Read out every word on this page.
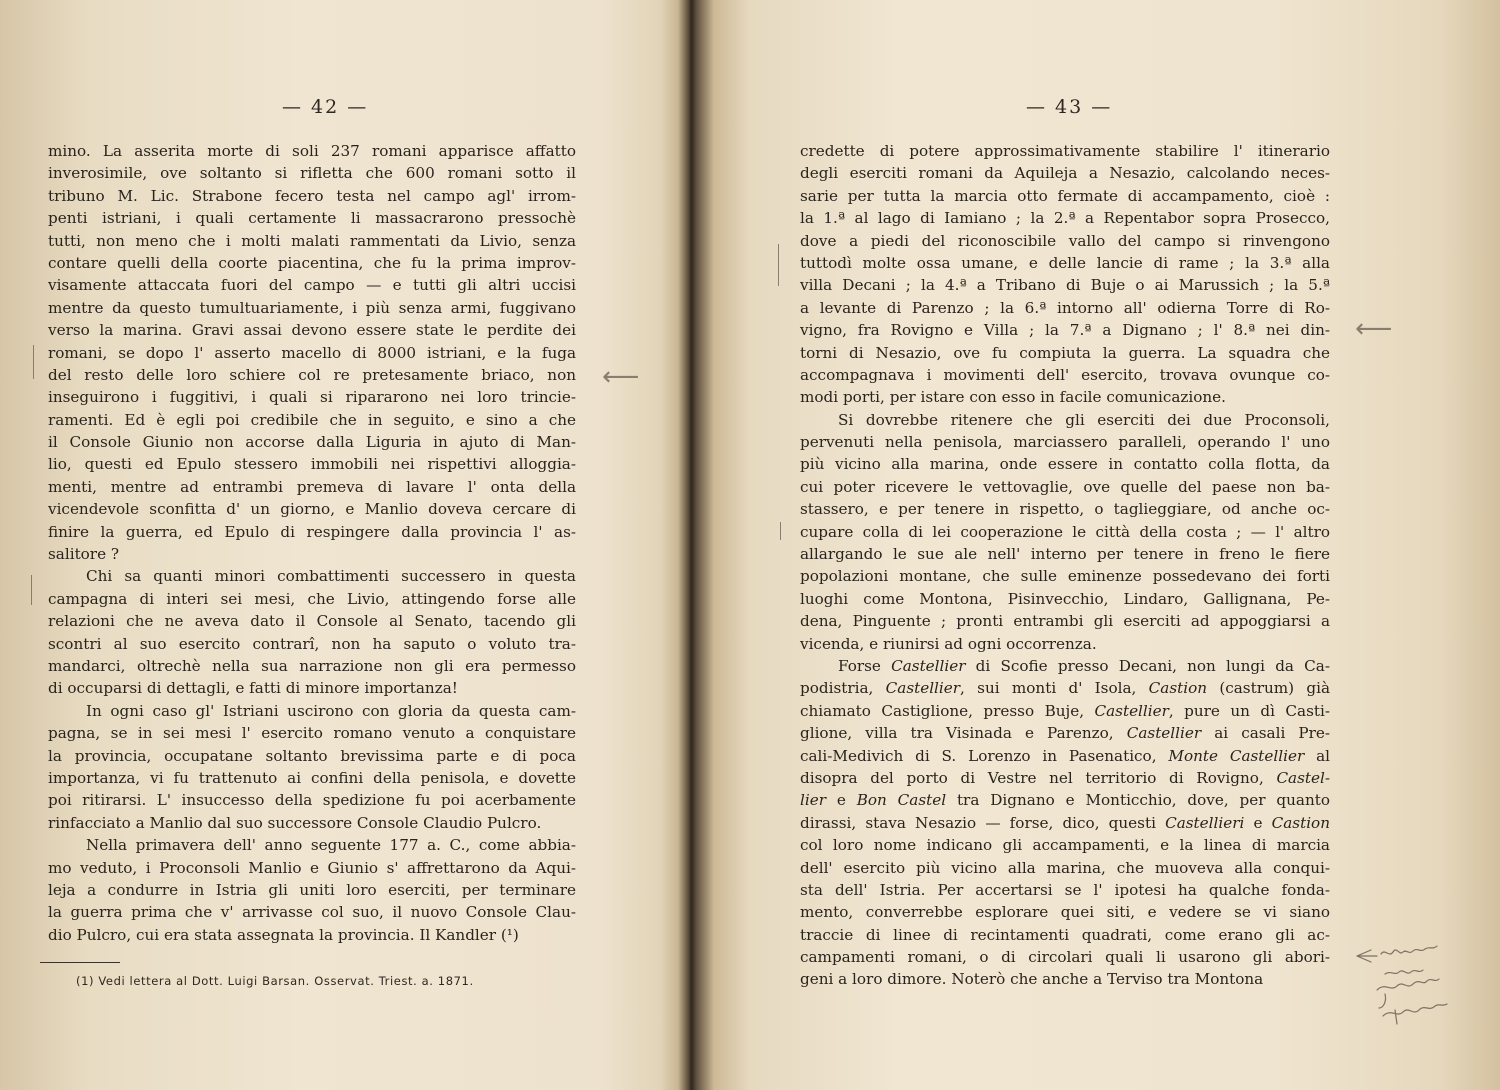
— 42 —
mino. La asserita morte di soli 237 romani apparisce affatto
inverosimile, ove soltanto si rifletta che 600 romani sotto il
tribuno M. Lic. Strabone fecero testa nel campo agl' irrom-
penti istriani, i quali certamente li massacrarono pressochè
tutti, non meno che i molti malati rammentati da Livio, senza
contare quelli della coorte piacentina, che fu la prima improv-
visamente attaccata fuori del campo — e tutti gli altri uccisi
mentre da questo tumultuariamente, i più senza armi, fuggivano
verso la marina. Gravi assai devono essere state le perdite dei
romani, se dopo l' asserto macello di 8000 istriani, e la fuga
del resto delle loro schiere col re pretesamente briaco, non
inseguirono i fuggitivi, i quali si ripararono nei loro trincie-
ramenti. Ed è egli poi credibile che in seguito, e sino a che
il Console Giunio non accorse dalla Liguria in ajuto di Man-
lio, questi ed Epulo stessero immobili nei rispettivi alloggia-
menti, mentre ad entrambi premeva di lavare l' onta della
vicendevole sconfitta d' un giorno, e Manlio doveva cercare di
finire la guerra, ed Epulo di respingere dalla provincia l' as-
salitore ?
Chi sa quanti minori combattimenti successero in questa
campagna di interi sei mesi, che Livio, attingendo forse alle
relazioni che ne aveva dato il Console al Senato, tacendo gli
scontri al suo esercito contrarî, non ha saputo o voluto tra-
mandarci, oltrechè nella sua narrazione non gli era permesso
di occuparsi di dettagli, e fatti di minore importanza!
In ogni caso gl' Istriani uscirono con gloria da questa cam-
pagna, se in sei mesi l' esercito romano venuto a conquistare
la provincia, occupatane soltanto brevissima parte e di poca
importanza, vi fu trattenuto ai confini della penisola, e dovette
poi ritirarsi. L' insuccesso della spedizione fu poi acerbamente
rinfacciato a Manlio dal suo successore Console Claudio Pulcro.
Nella primavera dell' anno seguente 177 a. C., come abbia-
mo veduto, i Proconsoli Manlio e Giunio s' affrettarono da Aqui-
leja a condurre in Istria gli uniti loro eserciti, per terminare
la guerra prima che v' arrivasse col suo, il nuovo Console Clau-
dio Pulcro, cui era stata assegnata la provincia. Il Kandler (¹)
(1) Vedi lettera al Dott. Luigi Barsan. Osservat. Triest. a. 1871.
— 43 —
credette di potere approssimativamente stabilire l' itinerario
degli eserciti romani da Aquileja a Nesazio, calcolando neces-
sarie per tutta la marcia otto fermate di accampamento, cioè :
la 1.ª al lago di Iamiano ; la 2.ª a Repentabor sopra Prosecco,
dove a piedi del riconoscibile vallo del campo si rinvengono
tuttodì molte ossa umane, e delle lancie di rame ; la 3.ª alla
villa Decani ; la 4.ª a Tribano di Buje o ai Marussich ; la 5.ª
a levante di Parenzo ; la 6.ª intorno all' odierna Torre di Ro-
vigno, fra Rovigno e Villa ; la 7.ª a Dignano ; l' 8.ª nei din-
torni di Nesazio, ove fu compiuta la guerra. La squadra che
accompagnava i movimenti dell' esercito, trovava ovunque co-
modi porti, per istare con esso in facile comunicazione.
Si dovrebbe ritenere che gli eserciti dei due Proconsoli,
pervenuti nella penisola, marciassero paralleli, operando l' uno
più vicino alla marina, onde essere in contatto colla flotta, da
cui poter ricevere le vettovaglie, ove quelle del paese non ba-
stassero, e per tenere in rispetto, o taglieggiare, od anche oc-
cupare colla di lei cooperazione le città della costa ; — l' altro
allargando le sue ale nell' interno per tenere in freno le fiere
popolazioni montane, che sulle eminenze possedevano dei forti
luoghi come Montona, Pisinvecchio, Lindaro, Gallignana, Pe-
dena, Pinguente ; pronti entrambi gli eserciti ad appoggiarsi a
vicenda, e riunirsi ad ogni occorrenza.
Forse Castellier di Scofie presso Decani, non lungi da Ca-
podistria, Castellier, sui monti d' Isola, Castion (castrum) già
chiamato Castiglione, presso Buje, Castellier, pure un dì Casti-
glione, villa tra Visinada e Parenzo, Castellier ai casali Pre-
cali-Medivich di S. Lorenzo in Pasenatico, Monte Castellier al
disopra del porto di Vestre nel territorio di Rovigno, Castel-
lier e Bon Castel tra Dignano e Monticchio, dove, per quanto
dirassi, stava Nesazio — forse, dico, questi Castellieri e Castion
col loro nome indicano gli accampamenti, e la linea di marcia
dell' esercito più vicino alla marina, che muoveva alla conqui-
sta dell' Istria. Per accertarsi se l' ipotesi ha qualche fonda-
mento, converrebbe esplorare quei siti, e vedere se vi siano
traccie di linee di recintamenti quadrati, come erano gli ac-
campamenti romani, o di circolari quali li usarono gli abori-
geni a loro dimore. Noterò che anche a Terviso tra Montona
⟵
⟵
